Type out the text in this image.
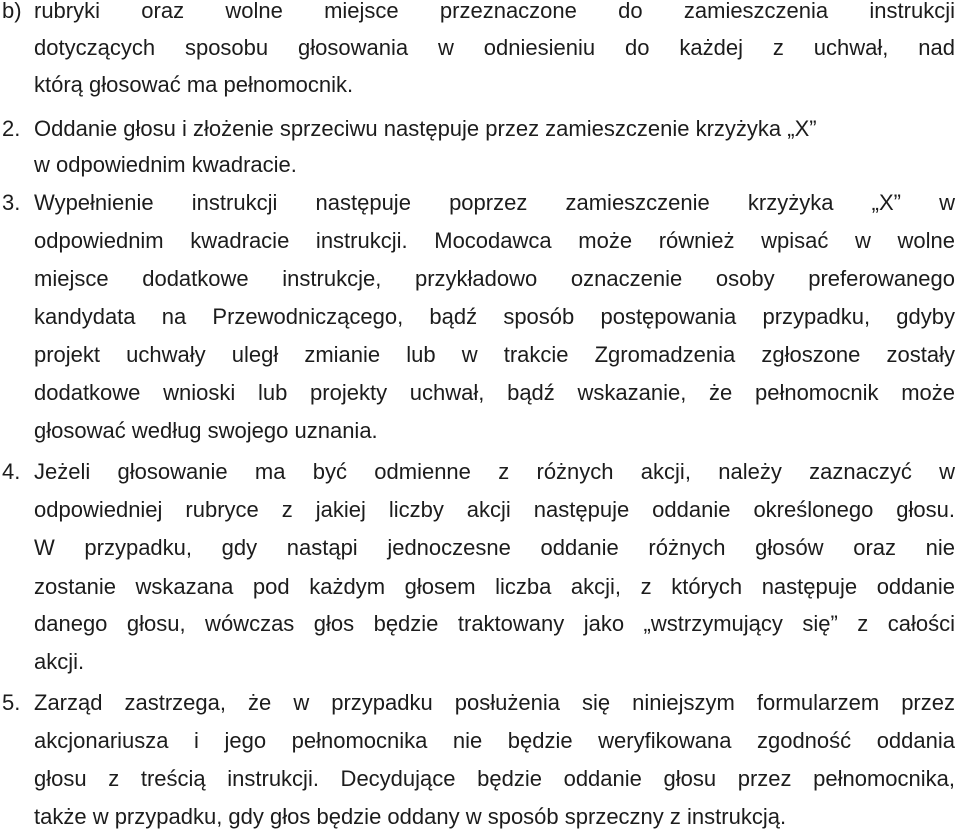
b) rubryki oraz wolne miejsce przeznaczone do zamieszczenia instrukcji
dotyczących sposobu głosowania w odniesieniu do każdej z uchwał, nad
którą głosować ma pełnomocnik.
2. Oddanie głosu i złożenie sprzeciwu następuje przez zamieszczenie krzyżyka „X”
w odpowiednim kwadracie.
3. Wypełnienie instrukcji następuje poprzez zamieszczenie krzyżyka „X” w
odpowiednim kwadracie instrukcji. Mocodawca może również wpisać w wolne
miejsce dodatkowe instrukcje, przykładowo oznaczenie osoby preferowanego
kandydata na Przewodniczącego, bądź sposób postępowania przypadku, gdyby
projekt uchwały uległ zmianie lub w trakcie Zgromadzenia zgłoszone zostały
dodatkowe wnioski lub projekty uchwał, bądź wskazanie, że pełnomocnik może
głosować według swojego uznania.
4. Jeżeli głosowanie ma być odmienne z różnych akcji, należy zaznaczyć w
odpowiedniej rubryce z jakiej liczby akcji następuje oddanie określonego głosu.
W przypadku, gdy nastąpi jednoczesne oddanie różnych głosów oraz nie
zostanie wskazana pod każdym głosem liczba akcji, z których następuje oddanie
danego głosu, wówczas głos będzie traktowany jako „wstrzymujący się” z całości
akcji.
5. Zarząd zastrzega, że w przypadku posłużenia się niniejszym formularzem przez
akcjonariusza i jego pełnomocnika nie będzie weryfikowana zgodność oddania
głosu z treścią instrukcji. Decydujące będzie oddanie głosu przez pełnomocnika,
także w przypadku, gdy głos będzie oddany w sposób sprzeczny z instrukcją.
